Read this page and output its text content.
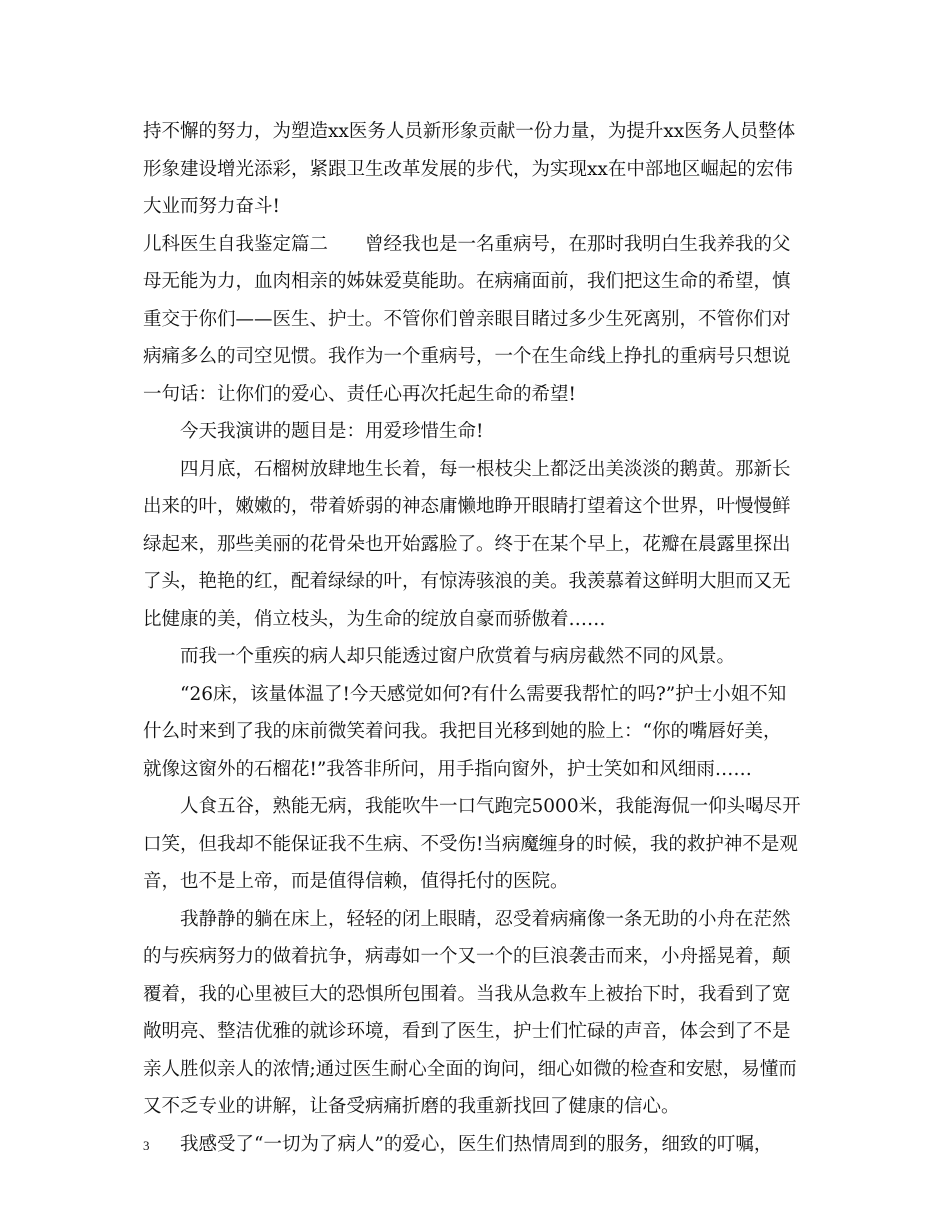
持不懈的努力，为塑造xx医务人员新形象贡献一份力量，为提升xx医务人员整体
形象建设增光添彩，紧跟卫生改革发展的步代，为实现xx在中部地区崛起的宏伟
大业而努力奋斗!
儿科医生自我鉴定篇二　　曾经我也是一名重病号，在那时我明白生我养我的父
母无能为力，血肉相亲的姊妹爱莫能助。在病痛面前，我们把这生命的希望，慎
重交于你们——医生、护士。不管你们曾亲眼目睹过多少生死离别，不管你们对
病痛多么的司空见惯。我作为一个重病号，一个在生命线上挣扎的重病号只想说
一句话：让你们的爱心、责任心再次托起生命的希望!
今天我演讲的题目是：用爱珍惜生命!
四月底，石榴树放肆地生长着，每一根枝尖上都泛出美淡淡的鹅黄。那新长
出来的叶，嫩嫩的，带着娇弱的神态庸懒地睁开眼睛打望着这个世界，叶慢慢鲜
绿起来，那些美丽的花骨朵也开始露脸了。终于在某个早上，花瓣在晨露里探出
了头，艳艳的红，配着绿绿的叶，有惊涛骇浪的美。我羡慕着这鲜明大胆而又无
比健康的美，俏立枝头，为生命的绽放自豪而骄傲着……
而我一个重疾的病人却只能透过窗户欣赏着与病房截然不同的风景。
“26床，该量体温了!今天感觉如何?有什么需要我帮忙的吗?”护士小姐不知
什么时来到了我的床前微笑着问我。我把目光移到她的脸上：“你的嘴唇好美，
就像这窗外的石榴花!”我答非所问，用手指向窗外，护士笑如和风细雨……
人食五谷，熟能无病，我能吹牛一口气跑完5000米，我能海侃一仰头喝尽开
口笑，但我却不能保证我不生病、不受伤!当病魔缠身的时候，我的救护神不是观
音，也不是上帝，而是值得信赖，值得托付的医院。
我静静的躺在床上，轻轻的闭上眼睛，忍受着病痛像一条无助的小舟在茫然
的与疾病努力的做着抗争，病毒如一个又一个的巨浪袭击而来，小舟摇晃着，颠
覆着，我的心里被巨大的恐惧所包围着。当我从急救车上被抬下时，我看到了宽
敞明亮、整洁优雅的就诊环境，看到了医生，护士们忙碌的声音，体会到了不是
亲人胜似亲人的浓情;通过医生耐心全面的询问，细心如微的检查和安慰，易懂而
又不乏专业的讲解，让备受病痛折磨的我重新找回了健康的信心。
我感受了“一切为了病人”的爱心，医生们热情周到的服务，细致的叮嘱，
3
